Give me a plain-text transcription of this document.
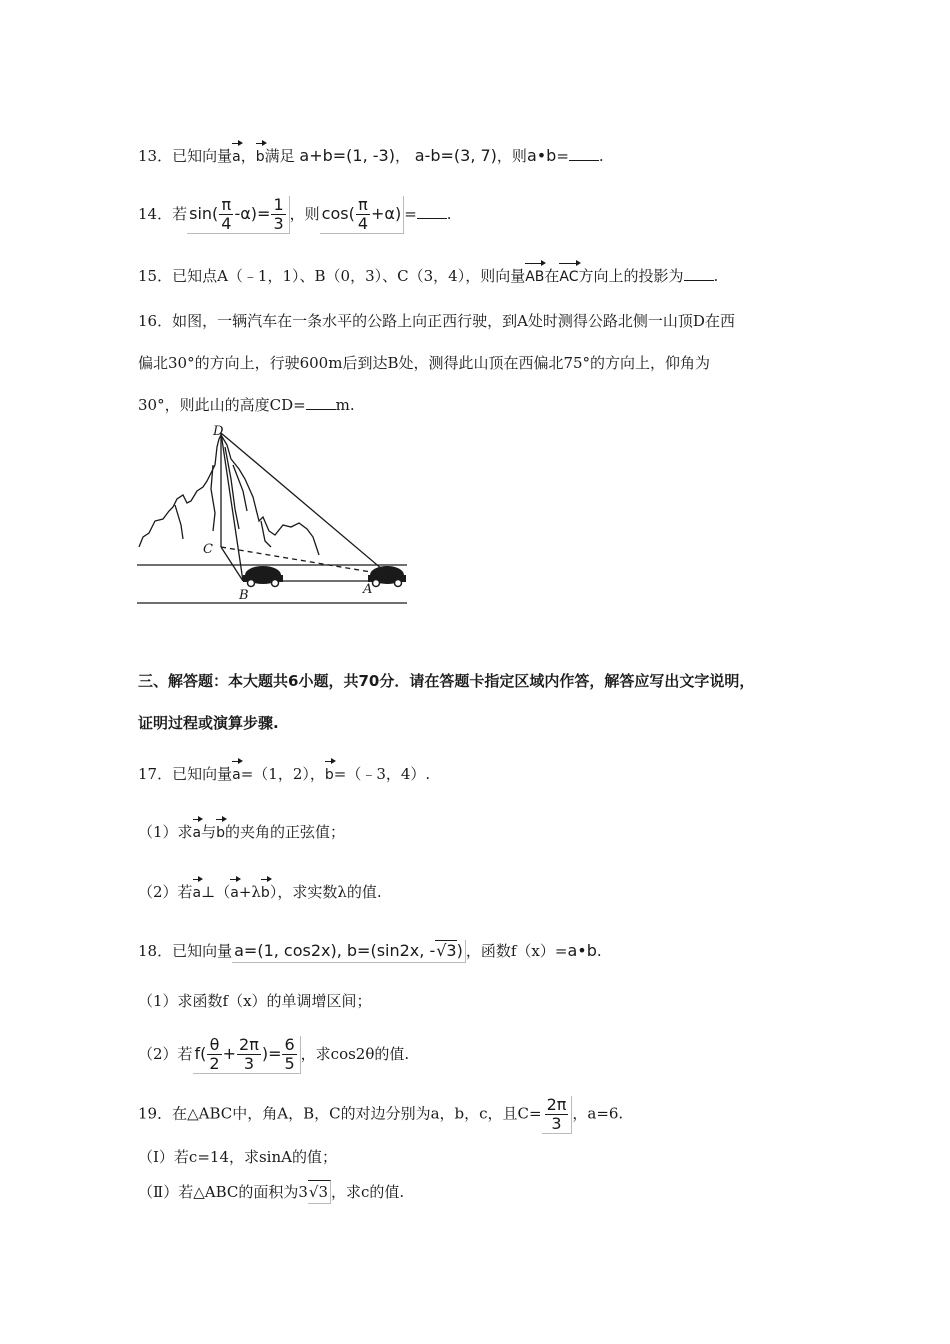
13．已知向量a，b满足 a+b=(1, -3)， a-b=(3, 7)，则a•b= .
14．若 $\sin( \frac{\pi}{4} -\alpha)= \frac{1}{3}$ ，则 $\cos( \frac{\pi}{4} +\alpha)$ = .
15．已知点A（﹣1，1）、B（0，3）、C（3，4），则向量AB在AC方向上的投影为 .
16．如图，一辆汽车在一条水平的公路上向正西行驶，到A处时测得公路北侧一山顶D在西
偏北30°的方向上，行驶600m后到达B处，测得此山顶在西偏北75°的方向上，仰角为
30°，则此山的高度CD= m.
D
C
B	A
三、解答题：本大题共6小题，共70分．请在答题卡指定区域内作答，解答应写出文字说明，
证明过程或演算步骤.
17．已知向量a=（1，2），b=（﹣3，4）.
（1）求a与b的夹角的正弦值；
（2）若a⊥（a+λb），求实数λ的值.
18．已知向量 a=(1, cos2x), b=(sin2x, -√3) ，函数f（x）=a•b.
（1）求函数f（x）的单调增区间；
（2）若 $f( \frac{\theta}{2} + \frac{2\pi}{3}$ )= $\frac{6}{5}$ ，求cos2θ的值.
19．在△ABC中，角A，B，C的对边分别为a，b，c，且$C= \frac{2\pi}{3}$ ，a=6.
（Ⅰ）若c=14，求sinA的值；
（Ⅱ）若△ABC的面积为3√3 ，求c的值.
